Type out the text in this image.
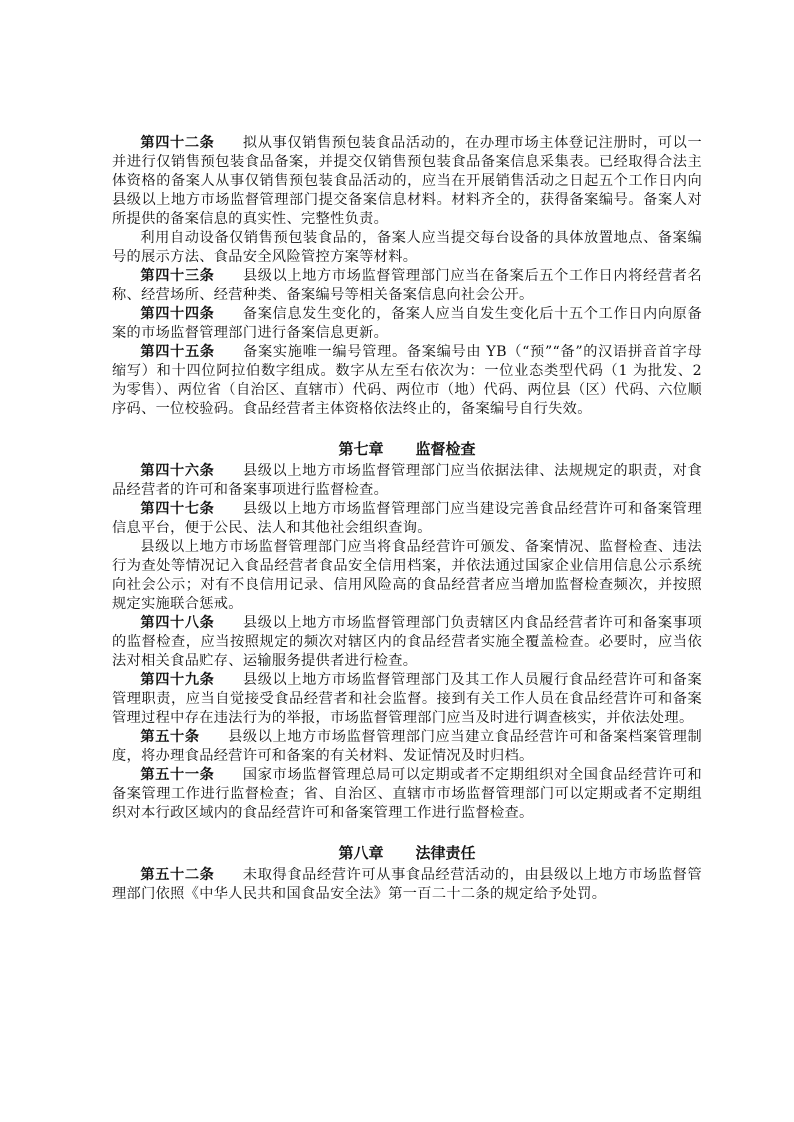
第四十二条 拟从事仅销售预包装食品活动的，在办理市场主体登记注册时，可以一并进行仅销售预包装食品备案，并提交仅销售预包装食品备案信息采集表。已经取得合法主体资格的备案人从事仅销售预包装食品活动的，应当在开展销售活动之日起五个工作日内向县级以上地方市场监督管理部门提交备案信息材料。材料齐全的，获得备案编号。备案人对所提供的备案信息的真实性、完整性负责。

利用自动设备仅销售预包装食品的，备案人应当提交每台设备的具体放置地点、备案编号的展示方法、食品安全风险管控方案等材料。

第四十三条 县级以上地方市场监督管理部门应当在备案后五个工作日内将经营者名称、经营场所、经营种类、备案编号等相关备案信息向社会公开。

第四十四条 备案信息发生变化的，备案人应当自发生变化后十五个工作日内向原备案的市场监督管理部门进行备案信息更新。

第四十五条 备案实施唯一编号管理。备案编号由 YB（“预”“备”的汉语拼音首字母缩写）和十四位阿拉伯数字组成。数字从左至右依次为：一位业态类型代码（1 为批发、2 为零售）、两位省（自治区、直辖市）代码、两位市（地）代码、两位县（区）代码、六位顺序码、一位校验码。食品经营者主体资格依法终止的，备案编号自行失效。

第七章 监督检查

第四十六条 县级以上地方市场监督管理部门应当依据法律、法规规定的职责，对食品经营者的许可和备案事项进行监督检查。

第四十七条 县级以上地方市场监督管理部门应当建设完善食品经营许可和备案管理信息平台，便于公民、法人和其他社会组织查询。

县级以上地方市场监督管理部门应当将食品经营许可颁发、备案情况、监督检查、违法行为查处等情况记入食品经营者食品安全信用档案，并依法通过国家企业信用信息公示系统向社会公示；对有不良信用记录、信用风险高的食品经营者应当增加监督检查频次，并按照规定实施联合惩戒。

第四十八条 县级以上地方市场监督管理部门负责辖区内食品经营者许可和备案事项的监督检查，应当按照规定的频次对辖区内的食品经营者实施全覆盖检查。必要时，应当依法对相关食品贮存、运输服务提供者进行检查。

第四十九条 县级以上地方市场监督管理部门及其工作人员履行食品经营许可和备案管理职责，应当自觉接受食品经营者和社会监督。接到有关工作人员在食品经营许可和备案管理过程中存在违法行为的举报，市场监督管理部门应当及时进行调查核实，并依法处理。

第五十条 县级以上地方市场监督管理部门应当建立食品经营许可和备案档案管理制度，将办理食品经营许可和备案的有关材料、发证情况及时归档。

第五十一条 国家市场监督管理总局可以定期或者不定期组织对全国食品经营许可和备案管理工作进行监督检查；省、自治区、直辖市市场监督管理部门可以定期或者不定期组织对本行政区域内的食品经营许可和备案管理工作进行监督检查。

第八章 法律责任

第五十二条 未取得食品经营许可从事食品经营活动的，由县级以上地方市场监督管理部门依照《中华人民共和国食品安全法》第一百二十二条的规定给予处罚。
